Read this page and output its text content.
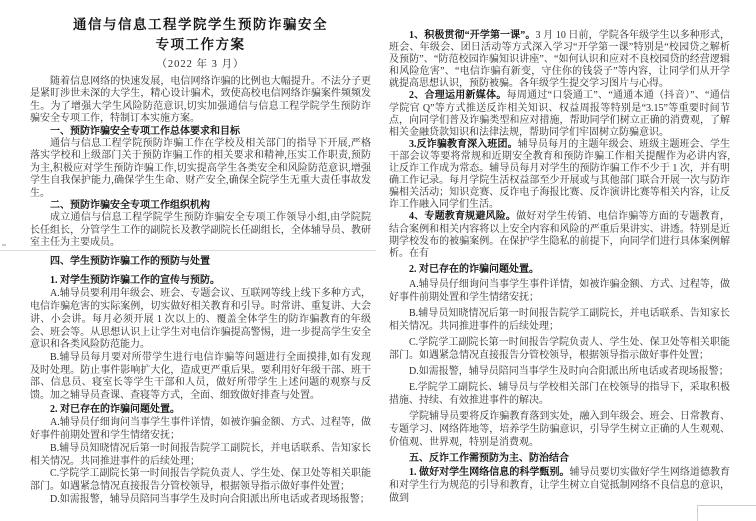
通信与信息工程学院学生预防诈骗安全
专项工作方案
（2022 年 3 月）

随着信息网络的快速发展，电信网络诈骗的比例也大幅提升。不法分子更是紧盯涉世未深的大学生，精心设计骗术，致使高校电信网络诈骗案件频频发生。为了增强大学生风险防范意识,切实加强通信与信息工程学院学生预防诈骗安全专项工作，特制订本实施方案。

一、预防诈骗安全专项工作总体要求和目标

通信与信息工程学院预防诈骗工作在学校及相关部门的指导下开展,严格落实学校和上级部门关于预防诈骗工作的相关要求和精神,压实工作职责,预防为主,积极应对学生预防诈骗工作,切实提高学生各类安全和风险防范意识,增强学生自我保护能力,确保学生生命、财产安全,确保全院学生无重大责任事故发生。

二、预防诈骗安全专项工作组织机构

成立通信与信息工程学院学生预防诈骗安全专项工作领导小组,由学院院长任组长，分管学生工作的副院长及教学副院长任副组长，全体辅导员、教研室主任为主要成员。

1、积极贯彻“开学第一课”。3 月 10 日前，学院各年级学生以多种形式，班会、年级会、团日活动等方式深入学习“开学第一课”特别是“校园贷之解析及预防”、“防范校园诈骗知识讲座”、“如何认识和应对不良校园贷的经营逻辑和风险危害”、“电信诈骗有新变，守住你的钱袋子”等内容，让同学们从开学就提高思想认识，预防被骗。各年级学生提交学习图片与心得。

2、合理运用新媒体。每周通过“口袋通工”、“通通本通（抖音）”、“通信学院官 Q”等方式推送反诈相关知识、权益周报等特别是“3.15”等重要时间节点，向同学们普及诈骗类型和应对措施，帮助同学们树立正确的消费观，了解相关金融贷款知识和法律法规，帮助同学们牢固树立防骗意识。

3.反诈骗教育深入班团。辅导员每月的主题年级会、班级主题班会、学生干部会议等要将常规和近期安全教育和预防诈骗工作相关提醒作为必讲内容,让反诈工作成为常态。辅导员每月对学生的预防诈骗工作不少于 1 次，并有明确工作记录。每月学院生活权益部至少开展或与其他部门联合开展一次与防诈骗相关活动；知识竞赛、反诈电子海报比赛、反诈演讲比赛等相关内容，让反诈工作融入同学们生活。

4、专题教育规避风险。做好对学生传销、电信诈骗等方面的专题教育，结合案例和相关内容将以上安全内容和风险的严重后果讲实、讲透。特别是近期学校发布的被骗案例。在保护学生隐私的前提下，向同学们进行具体案例解析。在有

四、学生预防诈骗工作的预防与处置

1. 对学生预防诈骗工作的宣传与预防。

A.辅导员要利用年级会、班会、专题会议、互联网等线上线下多种方式，电信诈骗危害的实际案例，切实做好相关教育和引导。时常讲、重复讲、大会讲、小会讲。每月必须开展 1 次以上的、覆盖全体学生的防诈骗教育的年级会、班会等。从思想认识上让学生对电信诈骗提高警惕，进一步提高学生安全意识和各类风险防范能力。

B.辅导员每月要对所带学生进行电信诈骗等问题进行全面摸排,如有发现及时处理。防止事件影响扩大化，造成更严重后果。要利用好年级干部、班干部、信息员、寝室长等学生干部和人员，做好所带学生上述问题的观察与反馈。加之辅导员查课、查寝等方式，全面、细致做好排查与处置。

2. 对已存在的诈骗问题处置。

A.辅导员仔细询问当事学生事件详情，如被诈骗金额、方式、过程等，做好事件前期处置和学生情绪安抚；

B.辅导员知晓情况后第一时间报告院学工副院长，并电话联系、告知家长相关情况。共同推进事件的后续处理；

C.学院学工副院长第一时间报告学院负责人、学生处、保卫处等相关职能部门。如遇紧急情况直接报告分管校领导，根据领导指示做好事件处置；

D.如需报警，辅导员陪同当事学生及时向合阳派出所电话或者现场报警；

2. 对已存在的诈骗问题处置。

A.辅导员仔细询问当事学生事件详情，如被诈骗金额、方式、过程等，做好事件前期处置和学生情绪安抚；

B.辅导员知晓情况后第一时间报告院学工副院长，并电话联系、告知家长相关情况。共同推进事件的后续处理；

C.学院学工副院长第一时间报告学院负责人、学生处、保卫处等相关职能部门。如遇紧急情况直接报告分管校领导，根据领导指示做好事件处置；

D.如需报警，辅导员陪同当事学生及时向合阳派出所电话或者现场报警；

E.学院学工副院长、辅导员与学校相关部门在校领导的指导下，采取积极措施、持续、有效推进事件的解决。

学院辅导员要将反诈骗教育落到实处，融入到年级会、班会、日常教育、专题学习、网络阵地等，培养学生防骗意识，引导学生树立正确的人生观观、价值观、世界观，特别是消费观。

五、反诈工作需预防为主、防治结合

1. 做好对学生网络信息的科学甄别。辅导员要切实做好学生网络道德教育和对学生行为规范的引导和教育，让学生树立自觉抵制网络不良信息的意识，做到
